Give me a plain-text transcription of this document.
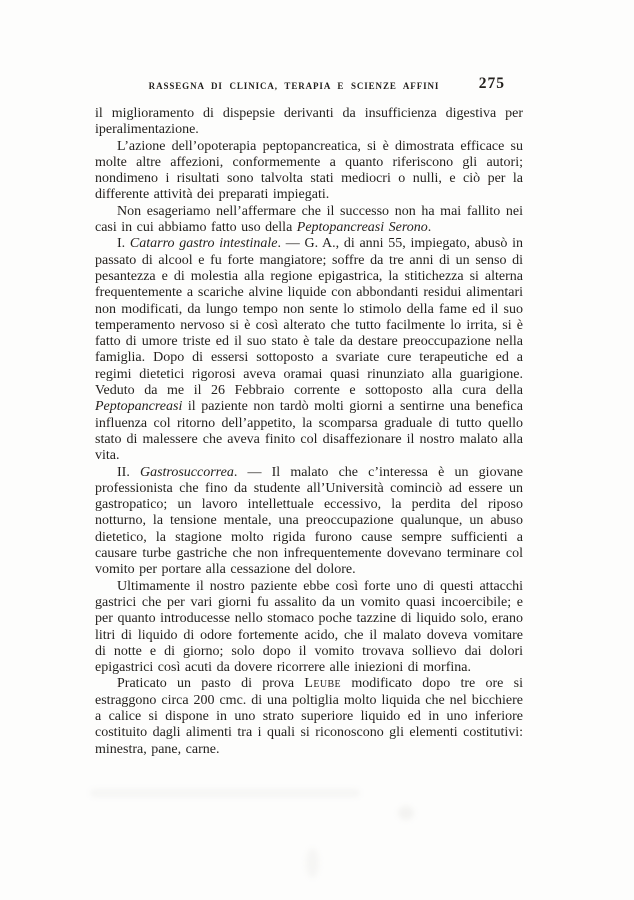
RASSEGNA DI CLINICA, TERAPIA E SCIENZE AFFINI	275

il miglioramento di dispepsie derivanti da insufficienza digestiva per iperalimentazione.

L’azione dell’opoterapia peptopancreatica, si è dimostrata efficace su molte altre affezioni, conformemente a quanto riferiscono gli autori; nondimeno i risultati sono talvolta stati mediocri o nulli, e ciò per la differente attività dei preparati impiegati.

Non esageriamo nell’affermare che il successo non ha mai fallito nei casi in cui abbiamo fatto uso della Peptopancreasi Serono.

I. Catarro gastro intestinale. — G. A., di anni 55, impiegato, abusò in passato di alcool e fu forte mangiatore; soffre da tre anni di un senso di pesantezza e di molestia alla regione epigastrica, la stitichezza si alterna frequentemente a scariche alvine liquide con abbondanti residui alimentari non modificati, da lungo tempo non sente lo stimolo della fame ed il suo temperamento nervoso si è così alterato che tutto facilmente lo irrita, si è fatto di umore triste ed il suo stato è tale da destare preoccupazione nella famiglia. Dopo di essersi sottoposto a svariate cure terapeutiche ed a regimi dietetici rigorosi aveva oramai quasi rinunziato alla guarigione. Veduto da me il 26 Febbraio corrente e sottoposto alla cura della Peptopancreasi il paziente non tardò molti giorni a sentirne una benefica influenza col ritorno dell’appetito, la scomparsa graduale di tutto quello stato di malessere che aveva finito col disaffezionare il nostro malato alla vita.

II. Gastrosuccorrea. — Il malato che c’interessa è un giovane professionista che fino da studente all’Università cominciò ad essere un gastropatico; un lavoro intellettuale eccessivo, la perdita del riposo notturno, la tensione mentale, una preoccupazione qualunque, un abuso dietetico, la stagione molto rigida furono cause sempre sufficienti a causare turbe gastriche che non infrequentemente dovevano terminare col vomito per portare alla cessazione del dolore.

Ultimamente il nostro paziente ebbe così forte uno di questi attacchi gastrici che per vari giorni fu assalito da un vomito quasi incoercibile; e per quanto introducesse nello stomaco poche tazzine di liquido solo, erano litri di liquido di odore fortemente acido, che il malato doveva vomitare di notte e di giorno; solo dopo il vomito trovava sollievo dai dolori epigastrici così acuti da dovere ricorrere alle iniezioni di morfina.

Praticato un pasto di prova Leube modificato dopo tre ore si estraggono circa 200 cmc. di una poltiglia molto liquida che nel bicchiere a calice si dispone in uno strato superiore liquido ed in uno inferiore costituito dagli alimenti tra i quali si riconoscono gli elementi costitutivi: minestra, pane, carne.
